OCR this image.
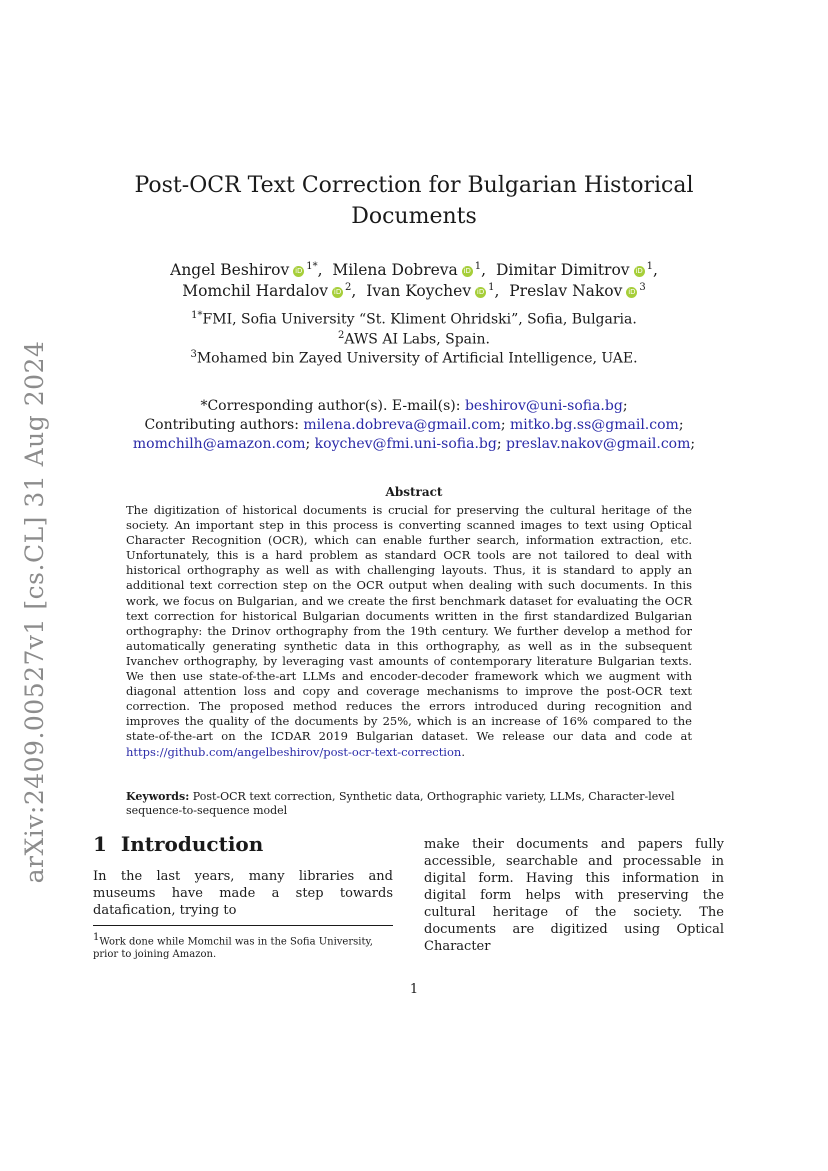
arXiv:2409.00527v1 [cs.CL] 31 Aug 2024
Post-OCR Text Correction for Bulgarian Historical Documents
Angel Beshirov iD $^{1*}$,  Milena Dobreva iD $^1$,  Dimitar Dimitrov iD $^1$,
Momchil Hardalov iD $^2$,  Ivan Koychev iD $^1$,  Preslav Nakov iD $^3$
$^{1*}$FMI, Sofia University “St. Kliment Ohridski”, Sofia, Bulgaria.
$^2$AWS AI Labs, Spain.
$^3$Mohamed bin Zayed University of Artificial Intelligence, UAE.
*Corresponding author(s). E-mail(s): beshirov@uni-sofia.bg;
Contributing authors: milena.dobreva@gmail.com; mitko.bg.ss@gmail.com;
momchilh@amazon.com; koychev@fmi.uni-sofia.bg; preslav.nakov@gmail.com;
Abstract
The digitization of historical documents is crucial for preserving the cultural heritage of the society. An important step in this process is converting scanned images to text using Optical Character Recognition (OCR), which can enable further search, information extraction, etc. Unfortunately, this is a hard problem as standard OCR tools are not tailored to deal with historical orthography as well as with challenging layouts. Thus, it is standard to apply an additional text correction step on the OCR output when dealing with such documents. In this work, we focus on Bulgarian, and we create the first benchmark dataset for evaluating the OCR text correction for historical Bulgarian documents written in the first standardized Bulgarian orthography: the Drinov orthography from the 19th century. We further develop a method for automatically generating synthetic data in this orthography, as well as in the subsequent Ivanchev orthography, by leveraging vast amounts of contemporary literature Bulgarian texts. We then use state-of-the-art LLMs and encoder-decoder framework which we augment with diagonal attention loss and copy and coverage mechanisms to improve the post-OCR text correction. The proposed method reduces the errors introduced during recognition and improves the quality of the documents by 25%, which is an increase of 16% compared to the state-of-the-art on the ICDAR 2019 Bulgarian dataset. We release our data and code at https://github.com/angelbeshirov/post-ocr-text-correction.
Keywords: Post-OCR text correction, Synthetic data, Orthographic variety, LLMs, Character-level sequence-to-sequence model
1 Introduction
In the last years, many libraries and museums have made a step towards datafication, trying to
make their documents and papers fully accessible, searchable and processable in digital form. Having this information in digital form helps with preserving the cultural heritage of the society. The documents are digitized using Optical Character
$^1$Work done while Momchil was in the Sofia University, prior to joining Amazon.
1
